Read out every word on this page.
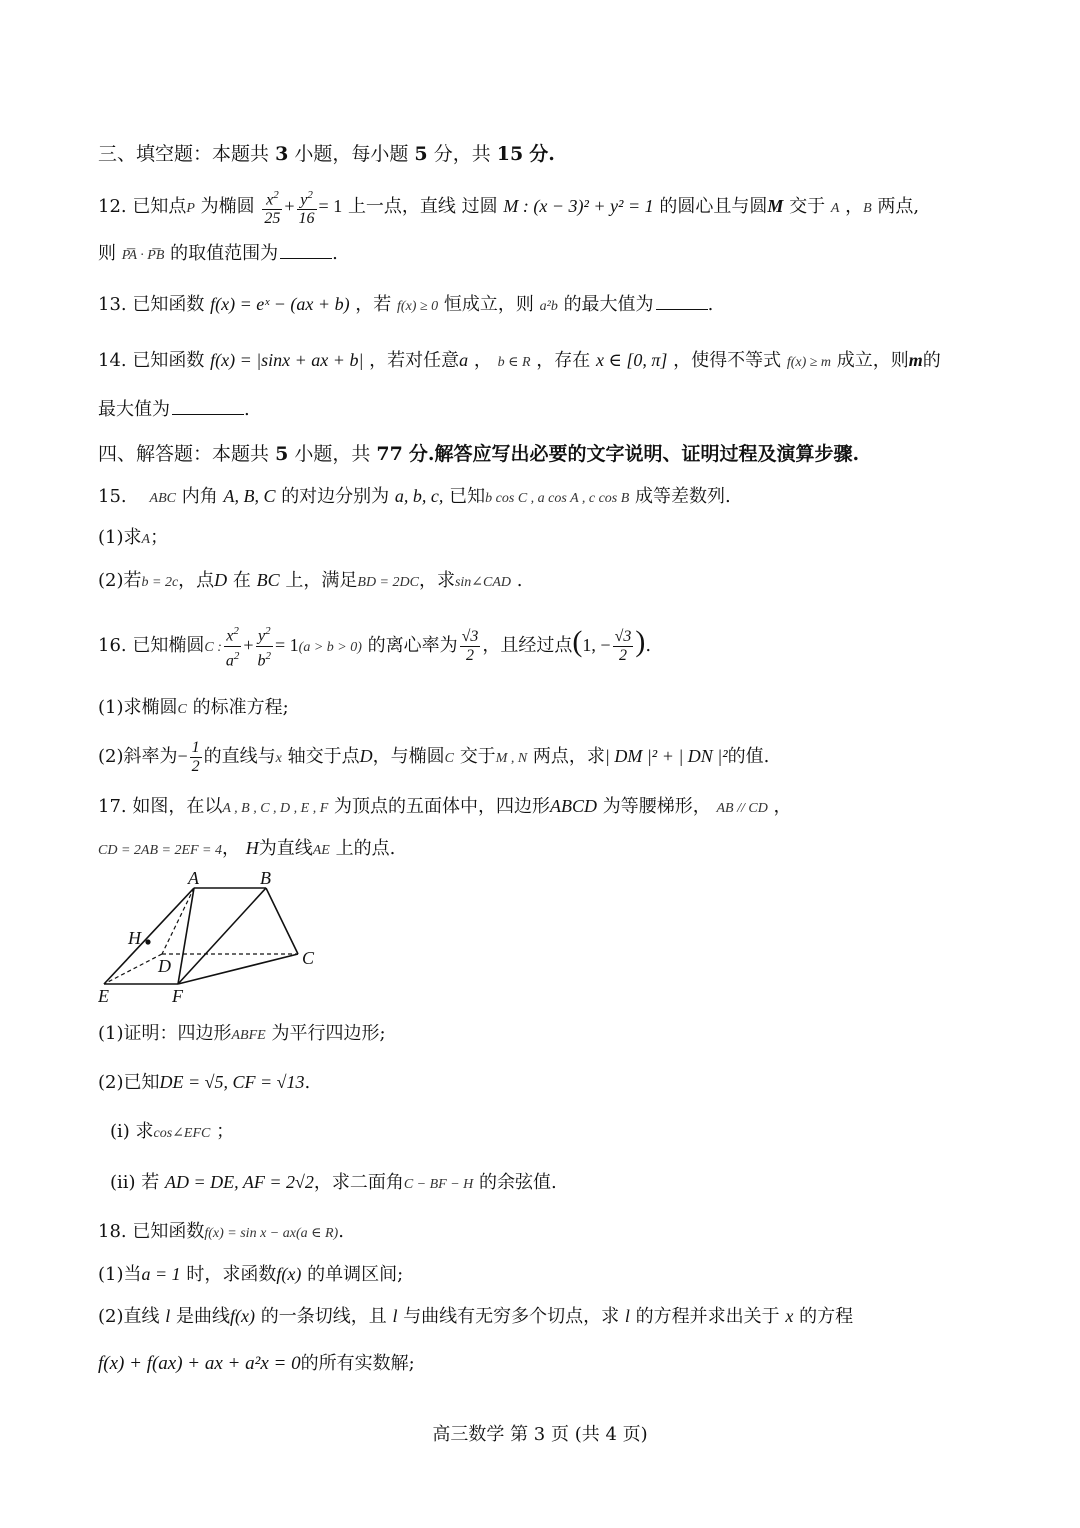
三、填空题：本题共 3 小题，每小题 5 分，共 15 分.
12. 已知点P 为椭圆 $\frac{x^2}{25} + \frac{y^2}{16} = 1$ 上一点，直线 过圆 M : (x − 3)² + y² = 1 的圆心且与圆M 交于 A ，B 两点,
则 P͞A · P͞B 的取值范围为	.
13. 已知函数 f(x) = eˣ − (ax + b) ，若 f(x) ≥ 0 恒成立，则 a²b 的最大值为	.
14. 已知函数 f(x) = |sinx + ax + b| ，若对任意a ， b ∈ R ，存在 x ∈ [0, π] ，使得不等式 f(x) ≥ m 成立，则m的
最大值为	.
四、解答题：本题共 5 小题，共 77 分.解答应写出必要的文字说明、证明过程及演算步骤.
15. ABC 内角 A, B, C 的对边分别为 a, b, c, 已知b cos C , a cos A , c cos B 成等差数列.
(1)求A；
(2)若b = 2c，点D 在 BC 上，满足BD = 2DC，求sin∠CAD .
16. 已知椭圆C : $\frac{x^2}{a^2} + \frac{y^2}{b^2} = 1(a > b > 0)$ 的离心率为 $\frac{√3}{2}$ ，且经过点(1, − $\frac{√3}{2}$ ).
(1)求椭圆C 的标准方程;
(2)斜率为− $\frac{1}{2}$ 的直线与x 轴交于点D，与椭圆C 交于M , N 两点，求| DM |² + | DN |²的值.
17. 如图，在以A , B , C , D , E , F 为顶点的五面体中，四边形ABCD 为等腰梯形， AB // CD ，
CD = 2AB = 2EF = 4， H为直线AE 上的点.
A	B
C
D
E	F
H
(1)证明：四边形ABFE 为平行四边形;
(2)已知DE = √5, CF = √13.
(i) 求cos∠EFC ；
(ii) 若 AD = DE, AF = 2√2，求二面角C − BF − H 的余弦值.
18. 已知函数f(x) = sin x − ax(a ∈ R).
(1)当a = 1 时，求函数f(x) 的单调区间;
(2)直线 l 是曲线f(x) 的一条切线，且 l 与曲线有无穷多个切点，求 l 的方程并求出关于 x 的方程
f(x) + f(ax) + ax + a²x = 0的所有实数解;
高三数学 第 3 页 (共 4 页)
